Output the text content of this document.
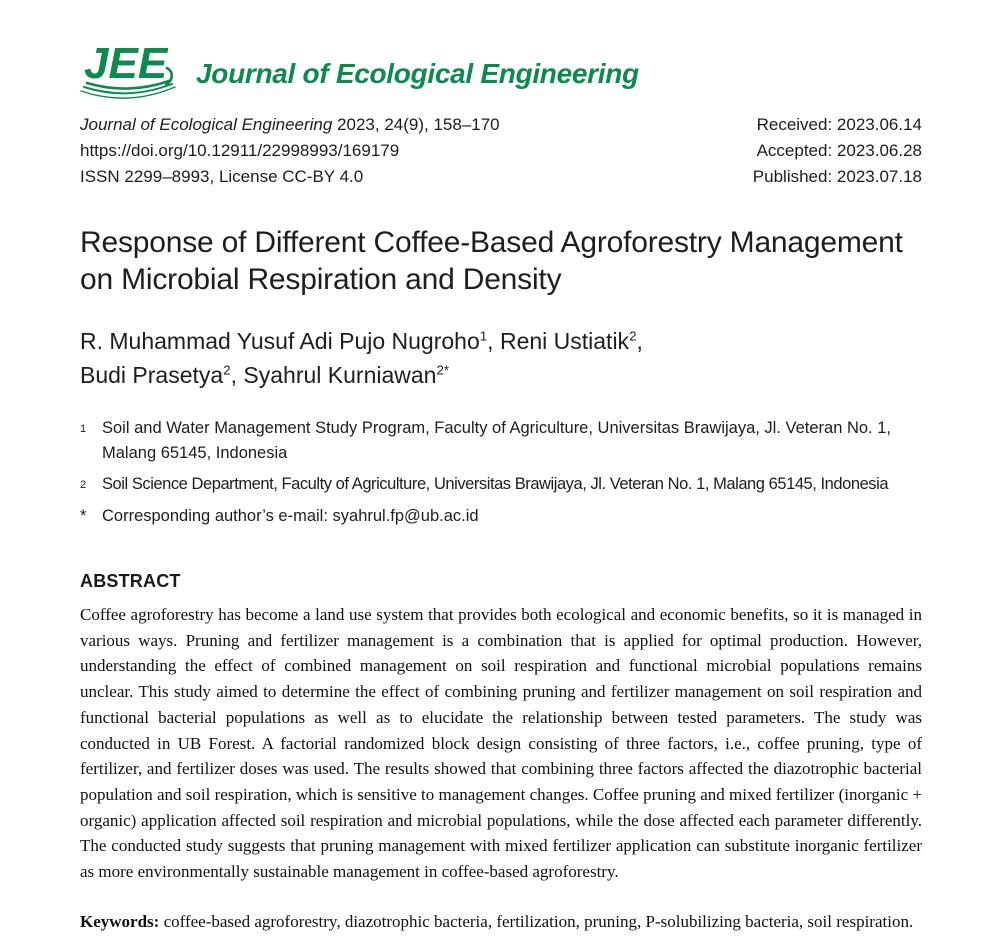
JEE Journal of Ecological Engineering
Journal of Ecological Engineering 2023, 24(9), 158–170
https://doi.org/10.12911/22998993/169179
ISSN 2299–8993, License CC-BY 4.0
Received: 2023.06.14
Accepted: 2023.06.28
Published: 2023.07.18
Response of Different Coffee-Based Agroforestry Management
on Microbial Respiration and Density
R. Muhammad Yusuf Adi Pujo Nugroho$^1$, Reni Ustiatik$^2$,
Budi Prasetya$^2$, Syahrul Kurniawan$^{2*}$
1 Soil and Water Management Study Program, Faculty of Agriculture, Universitas Brawijaya, Jl. Veteran No. 1, Malang 65145, Indonesia
2 Soil Science Department, Faculty of Agriculture, Universitas Brawijaya, Jl. Veteran No. 1, Malang 65145, Indonesia
* Corresponding author’s e-mail: syahrul.fp@ub.ac.id
ABSTRACT
Coffee agroforestry has become a land use system that provides both ecological and economic benefits, so it is managed in various ways. Pruning and fertilizer management is a combination that is applied for optimal production. However, understanding the effect of combined management on soil respiration and functional microbial populations remains unclear. This study aimed to determine the effect of combining pruning and fertilizer management on soil respiration and functional bacterial populations as well as to elucidate the relationship between tested parameters. The study was conducted in UB Forest. A factorial randomized block design consisting of three factors, i.e., coffee pruning, type of fertilizer, and fertilizer doses was used. The results showed that combining three factors affected the diazotrophic bacterial population and soil respiration, which is sensitive to management changes. Coffee pruning and mixed fertilizer (inorganic + organic) application affected soil respiration and microbial populations, while the dose affected each parameter differently. The conducted study suggests that pruning management with mixed fertilizer application can substitute inorganic fertilizer as more environmentally sustainable management in coffee-based agroforestry.
Keywords: coffee-based agroforestry, diazotrophic bacteria, fertilization, pruning, P-solubilizing bacteria, soil respiration.
